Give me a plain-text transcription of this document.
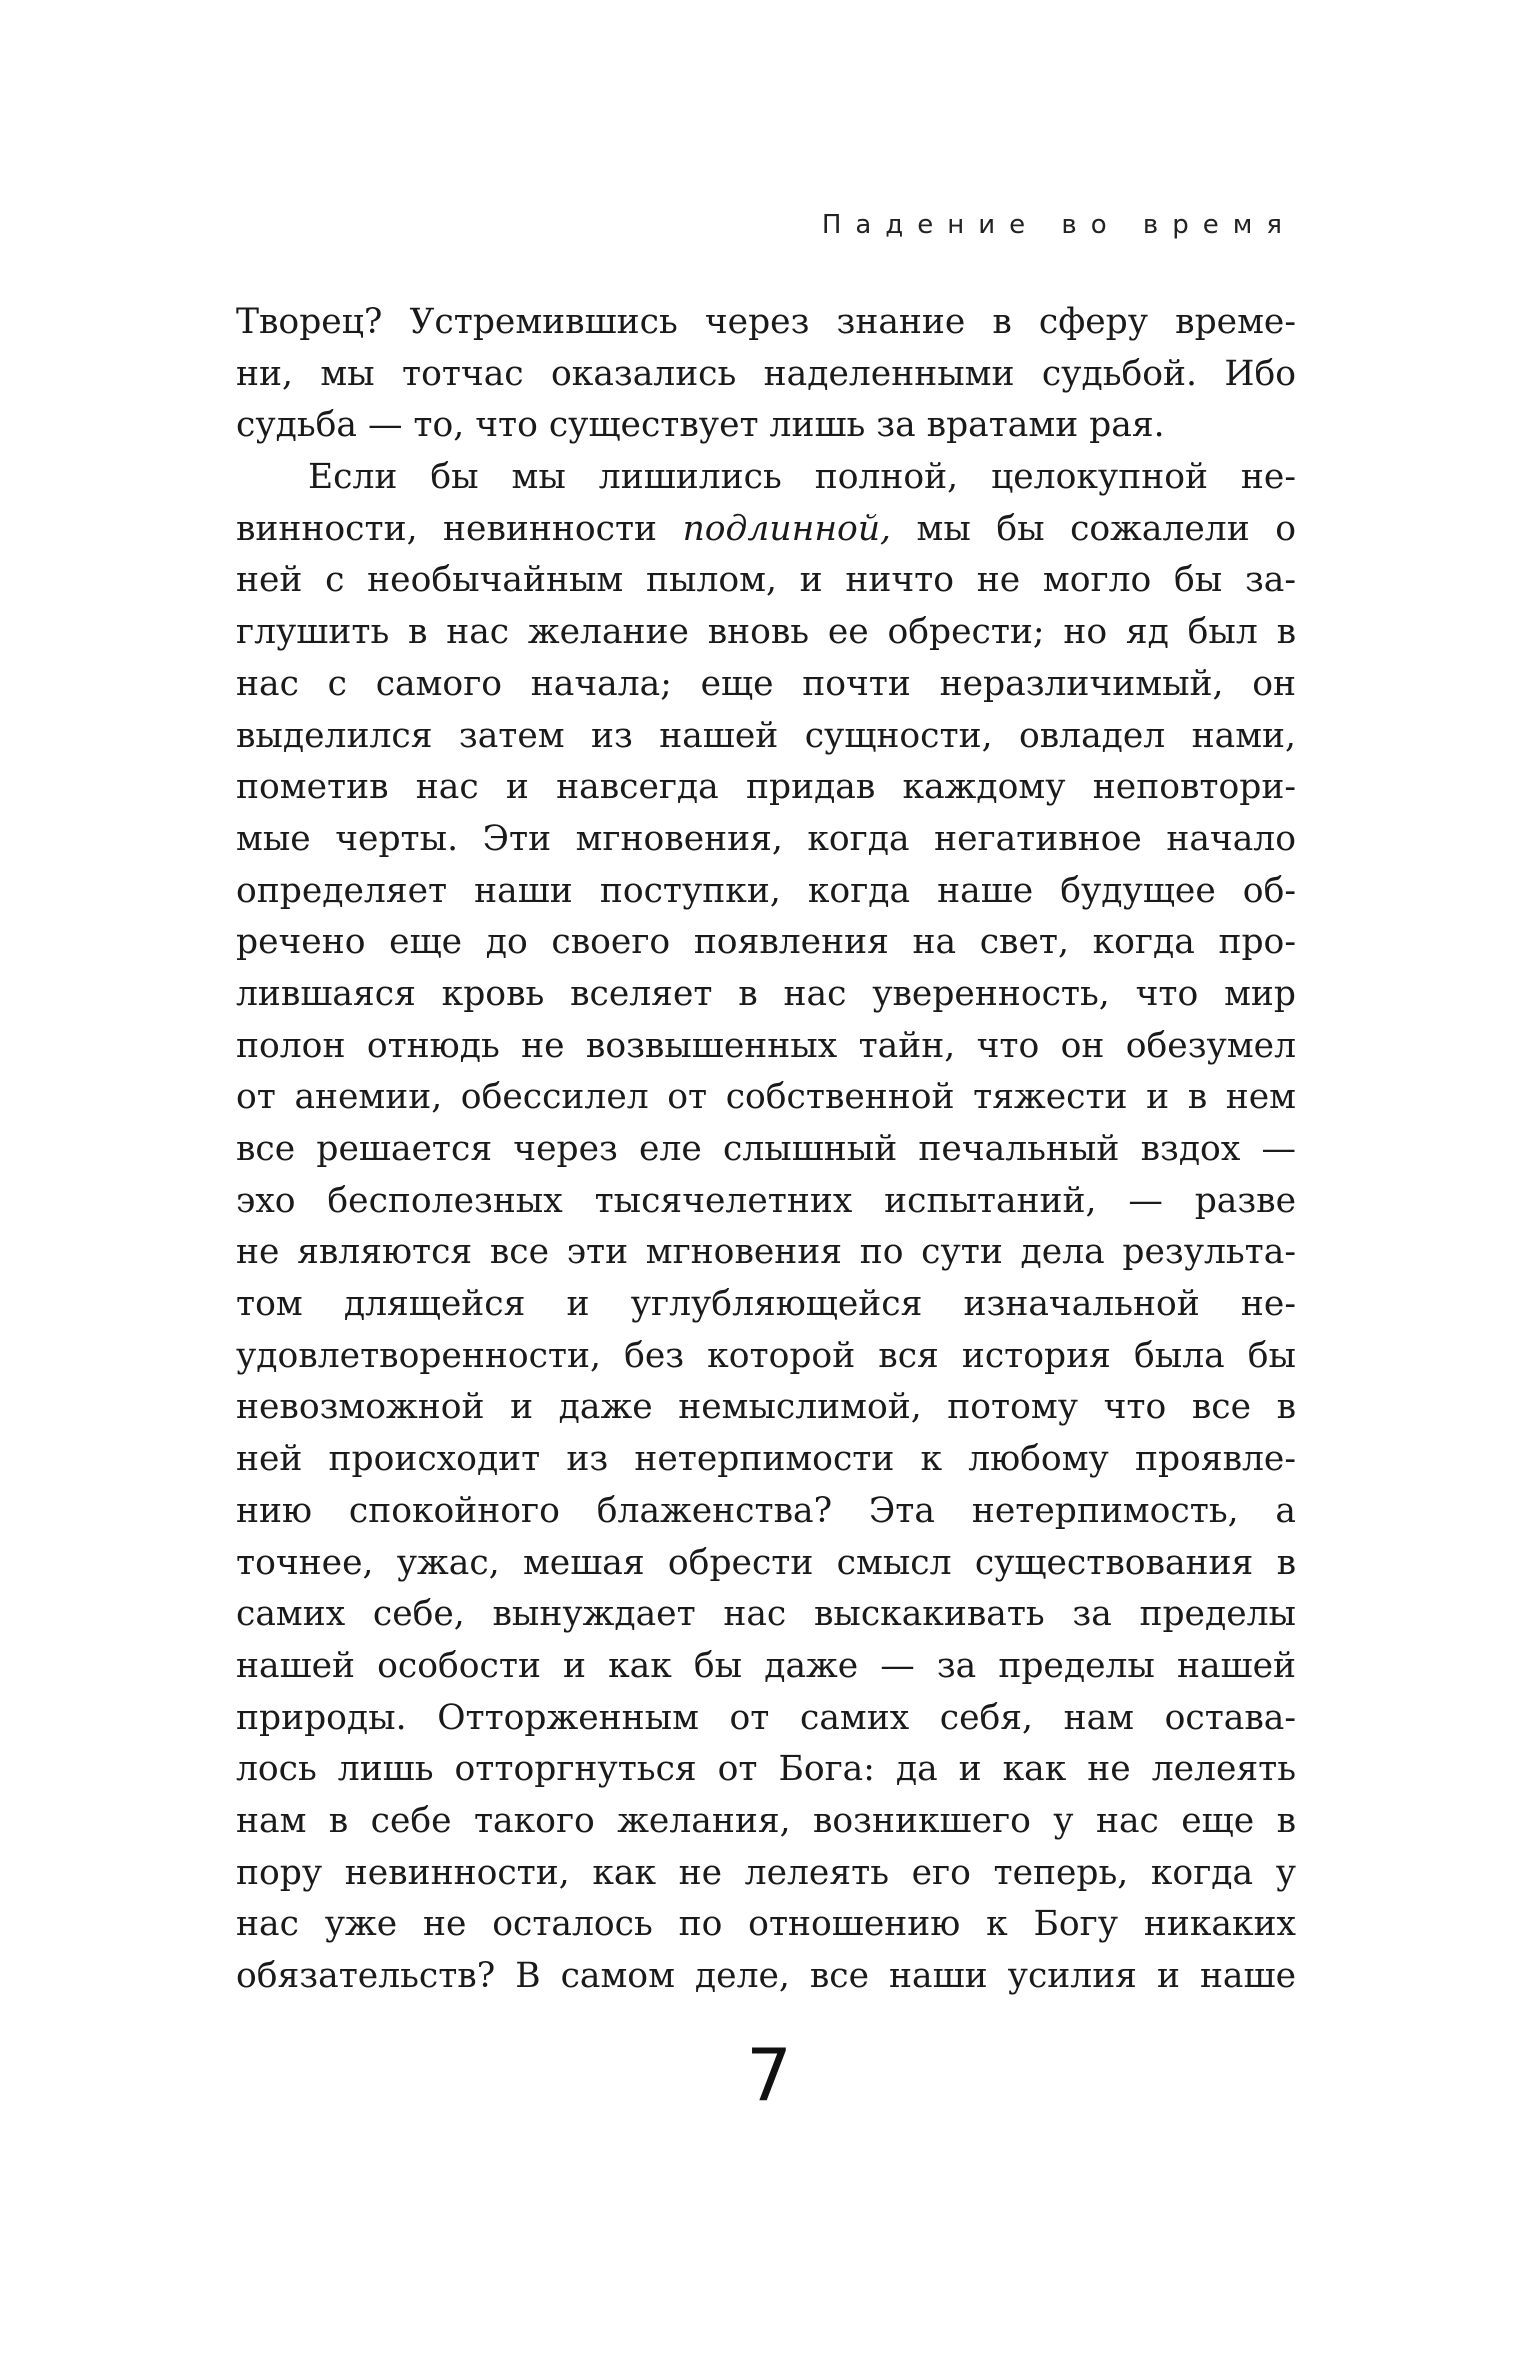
Падение во время
Творец? Устремившись через знание в сферу време-
ни, мы тотчас оказались наделенными судьбой. Ибо
судьба — то, что существует лишь за вратами рая.
Если бы мы лишились полной, целокупной не-
винности, невинности подлинной, мы бы сожалели о
ней с необычайным пылом, и ничто не могло бы за-
глушить в нас желание вновь ее обрести; но яд был в
нас с самого начала; еще почти неразличимый, он
выделился затем из нашей сущности, овладел нами,
пометив нас и навсегда придав каждому неповтори-
мые черты. Эти мгновения, когда негативное начало
определяет наши поступки, когда наше будущее об-
речено еще до своего появления на свет, когда про-
лившаяся кровь вселяет в нас уверенность, что мир
полон отнюдь не возвышенных тайн, что он обезумел
от анемии, обессилел от собственной тяжести и в нем
все решается через еле слышный печальный вздох —
эхо бесполезных тысячелетних испытаний, — разве
не являются все эти мгновения по сути дела результа-
том длящейся и углубляющейся изначальной не-
удовлетворенности, без которой вся история была бы
невозможной и даже немыслимой, потому что все в
ней происходит из нетерпимости к любому проявле-
нию спокойного блаженства? Эта нетерпимость, а
точнее, ужас, мешая обрести смысл существования в
самих себе, вынуждает нас выскакивать за пределы
нашей особости и как бы даже — за пределы нашей
природы. Отторженным от самих себя, нам остава-
лось лишь отторгнуться от Бога: да и как не лелеять
нам в себе такого желания, возникшего у нас еще в
пору невинности, как не лелеять его теперь, когда у
нас уже не осталось по отношению к Богу никаких
обязательств? В самом деле, все наши усилия и наше
7
